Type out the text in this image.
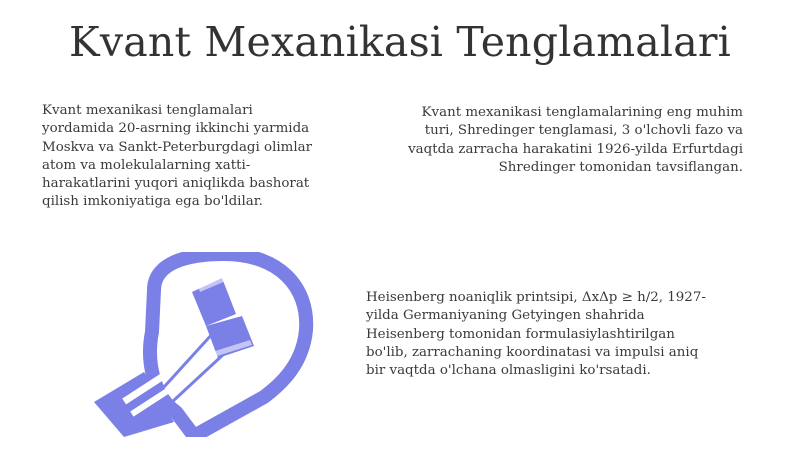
Kvant Mexanikasi Tenglamalari

Kvant mexanikasi tenglamalari
yordamida 20-asrning ikkinchi yarmida
Moskva va Sankt-Peterburgdagi olimlar
atom va molekulalarning xatti-
harakatlarini yuqori aniqlikda bashorat
qilish imkoniyatiga ega bo'ldilar.

Kvant mexanikasi tenglamalarining eng muhim
turi, Shredinger tenglamasi, 3 o'lchovli fazo va
vaqtda zarracha harakatini 1926-yilda Erfurtdagi
Shredinger tomonidan tavsiflangan.

Heisenberg noaniqlik printsipi, ΔxΔp ≥ h/2, 1927-
yilda Germaniyaning Getyingen shahrida
Heisenberg tomonidan formulasiylashtirilgan
bo'lib, zarrachaning koordinatasi va impulsi aniq
bir vaqtda o'lchana olmasligini ko'rsatadi.
